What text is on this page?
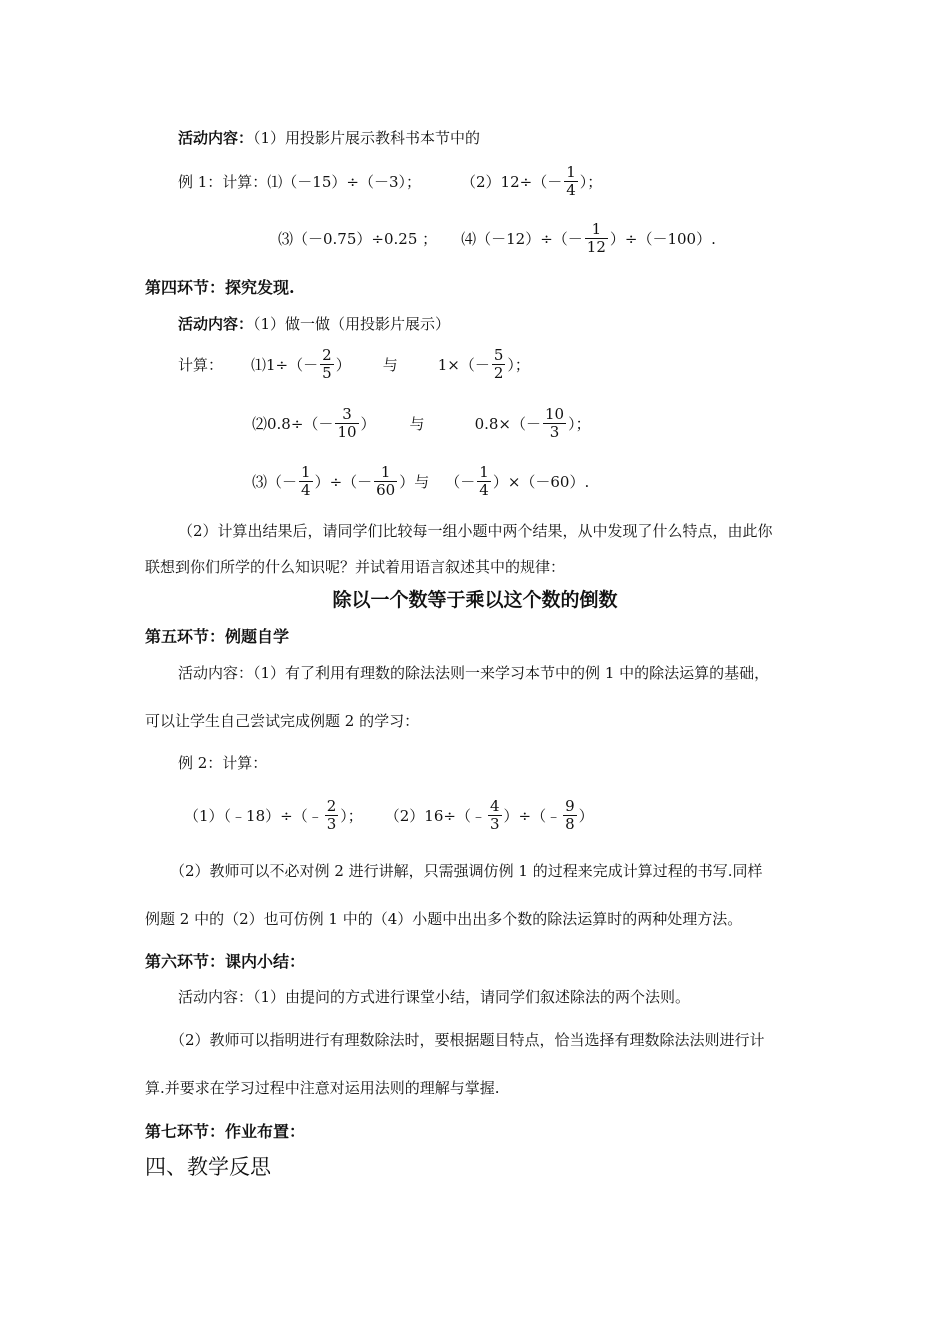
活动内容：（1）用投影片展示教科书本节中的
例 1：计算：⑴（－15）÷（－3）；	$(2)12\div(- \frac{1}{4}$ ）；
⑶（－0.75）÷0.25 ； ⑷（－12）÷（－ $\frac{1}{12} )\div(-100)$.
第四环节：探究发现.
活动内容：（1）做一做（用投影片展示）
计算： ⑴1÷（－ $\frac{2}{5}$ ） 与	$1\times(- \frac{5}{2}$ ）；
⑵0.8÷（－ $\frac{3}{10}$ ） 与	$0.8\times(- \frac{10}{3}$ ）；
⑶（－ $\frac{1}{4}$ ）÷（－ $\frac{1}{60}$ ）与 （－ $\frac{1}{4} )\times(-60)$.
（2）计算出结果后，请同学们比较每一组小题中两个结果，从中发现了什么特点，由此你
联想到你们所学的什么知识呢？并试着用语言叙述其中的规律：
除以一个数等于乘以这个数的倒数
第五环节：例题自学
活动内容：（1）有了利用有理数的除法法则一来学习本节中的例 1 中的除法运算的基础，
可以让学生自己尝试完成例题 2 的学习：
例 2：计算：
（1）（﹣18）÷（﹣ $\frac{2}{3}$ ）； （2）16÷（﹣ $\frac{4}{3}$ ）÷（﹣ $\frac{9}{8}$ ）
（2）教师可以不必对例 2 进行讲解，只需强调仿例 1 的过程来完成计算过程的书写.同样
例题 2 中的（2）也可仿例 1 中的（4）小题中出出多个数的除法运算时的两种处理方法。
第六环节：课内小结：
活动内容：（1）由提问的方式进行课堂小结，请同学们叙述除法的两个法则。
（2）教师可以指明进行有理数除法时，要根据题目特点，恰当选择有理数除法法则进行计
算.并要求在学习过程中注意对运用法则的理解与掌握.
第七环节：作业布置：
四、教学反思
